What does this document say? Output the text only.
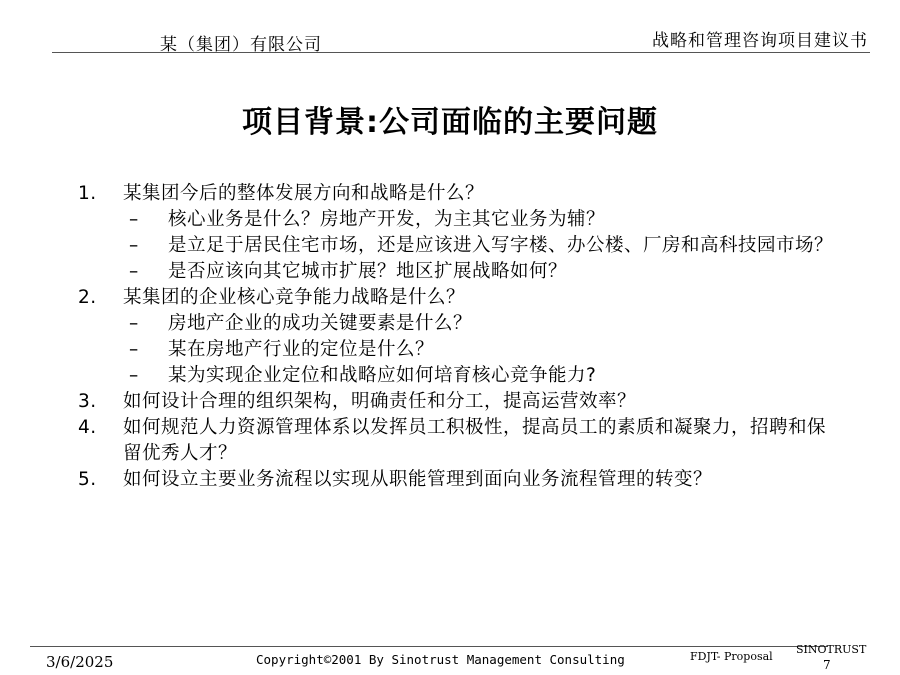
某（集团）有限公司	战略和管理咨询项目建议书
项目背景:公司面临的主要问题
1. 某集团今后的整体发展方向和战略是什么？
– 核心业务是什么？房地产开发，为主其它业务为辅？
– 是立足于居民住宅市场，还是应该进入写字楼、办公楼、厂房和高科技园市场？
– 是否应该向其它城市扩展？地区扩展战略如何？
2. 某集团的企业核心竞争能力战略是什么？
– 房地产企业的成功关键要素是什么？
– 某在房地产行业的定位是什么？
– 某为实现企业定位和战略应如何培育核心竞争能力?
3. 如何设计合理的组织架构，明确责任和分工，提高运营效率？
4. 如何规范人力资源管理体系以发挥员工积极性，提高员工的素质和凝聚力，招聘和保留优秀人才？
5. 如何设立主要业务流程以实现从职能管理到面向业务流程管理的转变？
3/6/2025	Copyright©2001 By Sinotrust Management Consulting	FDJT- Proposal
SINOTRUST
7
